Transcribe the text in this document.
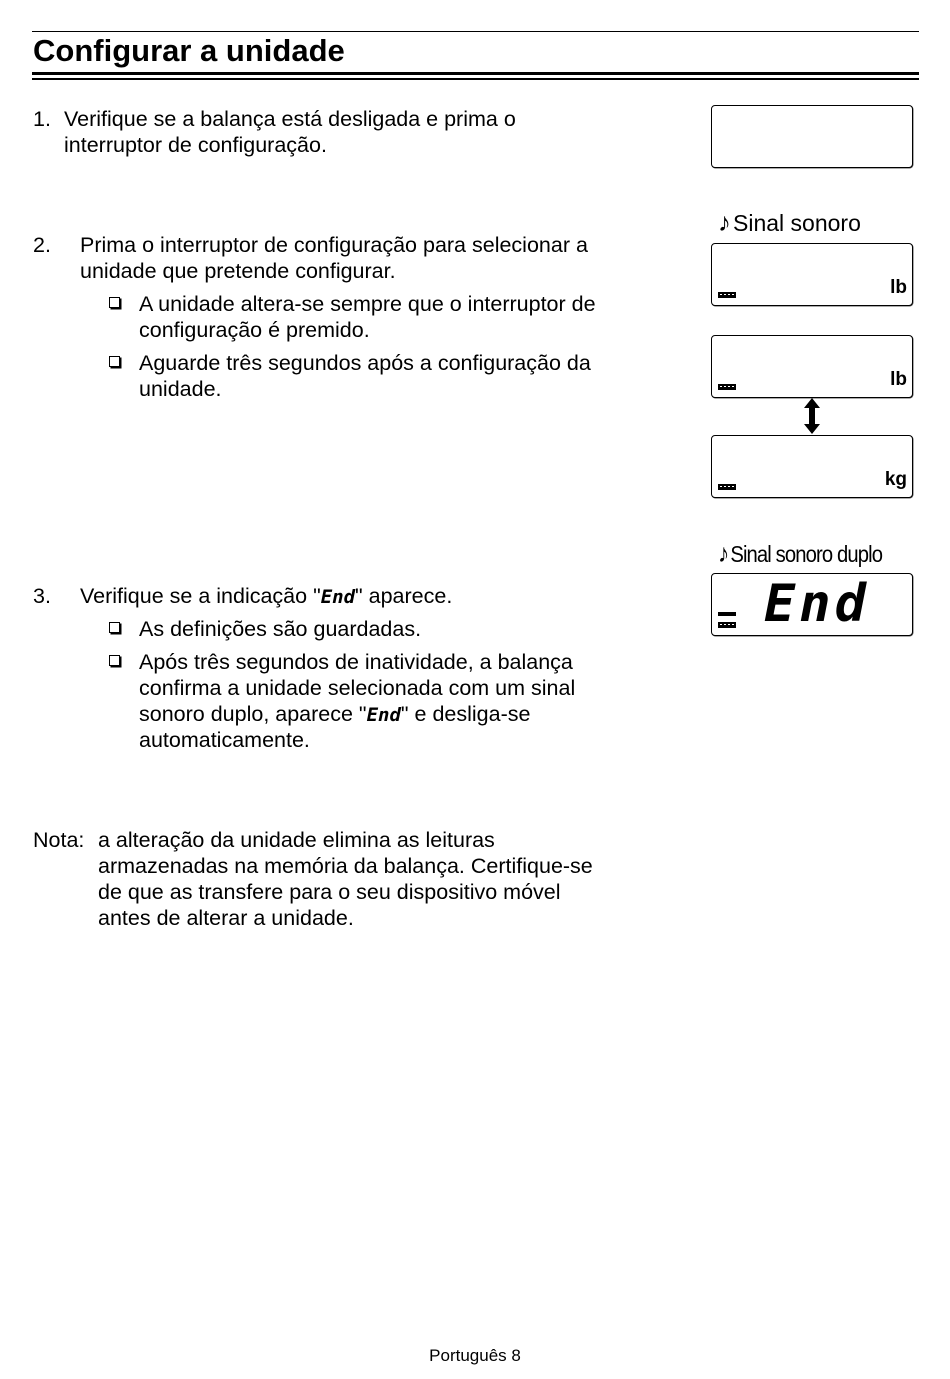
Configurar a unidade
1. Verifique se a balança está desligada e prima o
interruptor de configuração.
2. Prima o interruptor de configuração para selecionar a
unidade que pretende configurar.
A unidade altera-se sempre que o interruptor de
configuração é premido.
Aguarde três segundos após a configuração da
unidade.
3. Verifique se a indicação "End" aparece.
As definições são guardadas.
Após três segundos de inatividade, a balança
confirma a unidade selecionada com um sinal
sonoro duplo, aparece "End" e desliga-se
automaticamente.
Nota: a alteração da unidade elimina as leituras
armazenadas na memória da balança. Certifique-se
de que as transfere para o seu dispositivo móvel
antes de alterar a unidade.
♪Sinal sonoro
lb
lb
kg
♪Sinal sonoro duplo
End
Português 8
